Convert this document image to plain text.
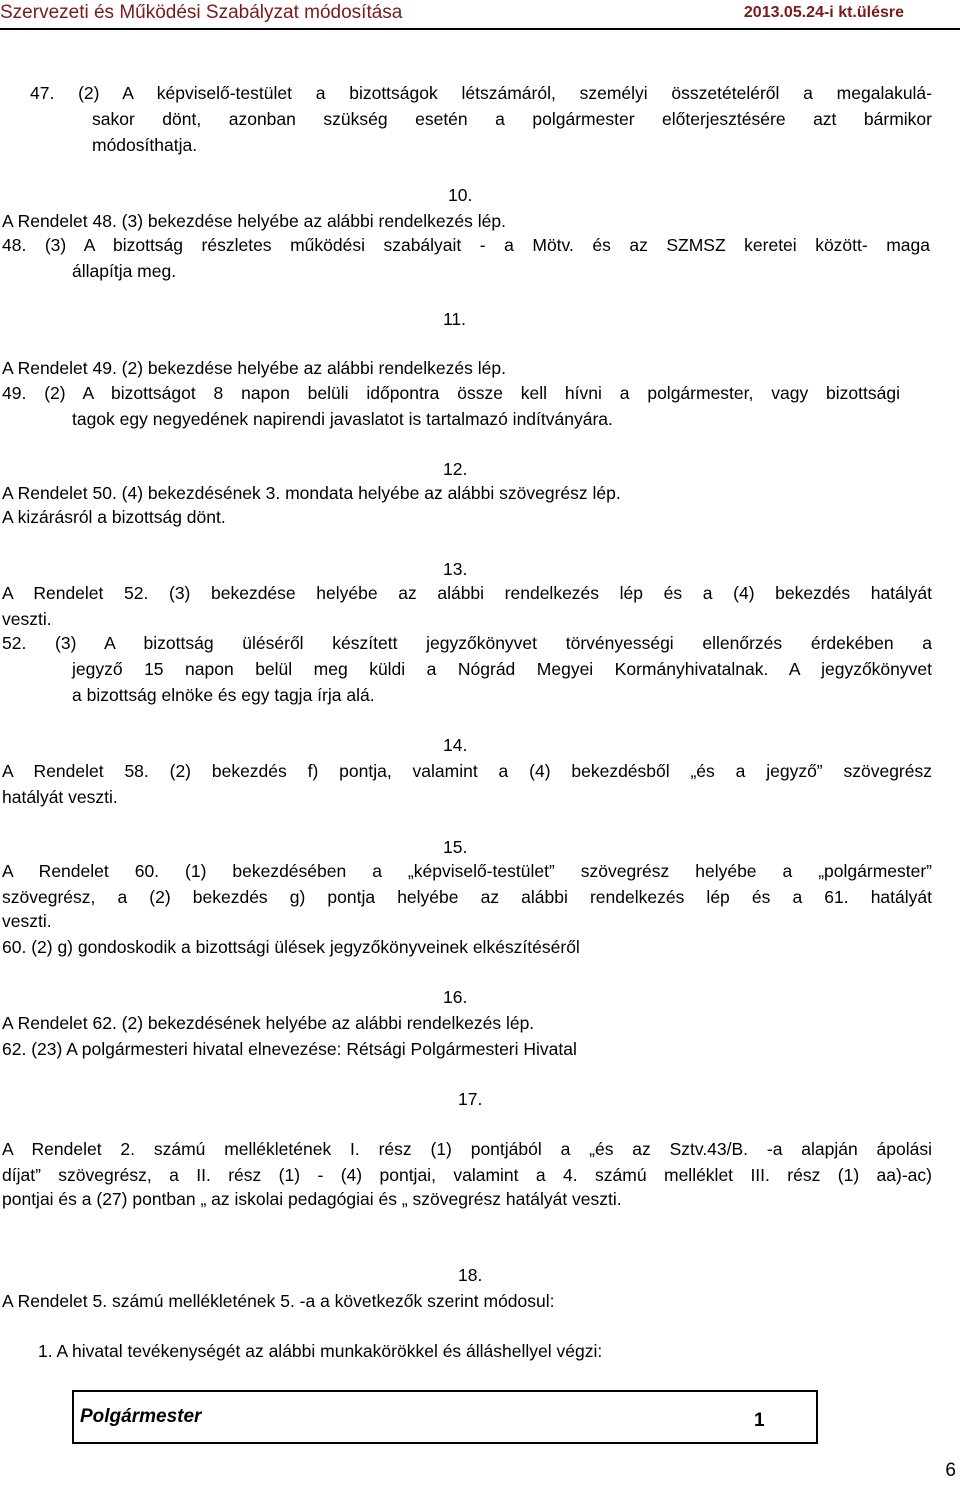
Szervezeti és Működési Szabályzat módosítása	2013.05.24-i kt.ülésre
47. (2) A képviselő-testület a bizottságok létszámáról, személyi összetételéről a megalakulá-
sakor dönt, azonban szükség esetén a polgármester előterjesztésére azt bármikor
módosíthatja.
10.
A Rendelet 48. (3) bekezdése helyébe az alábbi rendelkezés lép.
48. (3) A bizottság részletes működési szabályait - a Mötv. és az SZMSZ keretei között- maga
állapítja meg.
11.
A Rendelet 49. (2) bekezdése helyébe az alábbi rendelkezés lép.
49. (2) A bizottságot 8 napon belüli időpontra össze kell hívni a polgármester, vagy bizottsági
tagok egy negyedének napirendi javaslatot is tartalmazó indítványára.
12.
A Rendelet 50. (4) bekezdésének 3. mondata helyébe az alábbi szövegrész lép.
A kizárásról a bizottság dönt.
13.
A Rendelet 52. (3) bekezdése helyébe az alábbi rendelkezés lép és a (4) bekezdés hatályát
veszti.
52. (3) A bizottság üléséről készített jegyzőkönyvet törvényességi ellenőrzés érdekében a
jegyző 15 napon belül meg küldi a Nógrád Megyei Kormányhivatalnak. A jegyzőkönyvet
a bizottság elnöke és egy tagja írja alá.
14.
A Rendelet 58. (2) bekezdés f) pontja, valamint a (4) bekezdésből „és a jegyző” szövegrész
hatályát veszti.
15.
A Rendelet 60. (1) bekezdésében a „képviselő-testület” szövegrész helyébe a „polgármester”
szövegrész, a (2) bekezdés g) pontja helyébe az alábbi rendelkezés lép és a 61. hatályát
veszti.
60. (2) g) gondoskodik a bizottsági ülések jegyzőkönyveinek elkészítéséről
16.
A Rendelet 62. (2) bekezdésének helyébe az alábbi rendelkezés lép.
62. (23) A polgármesteri hivatal elnevezése: Rétsági Polgármesteri Hivatal
17.
A Rendelet 2. számú mellékletének I. rész (1) pontjából a „és az Sztv.43/B. -a alapján ápolási
díjat” szövegrész, a II. rész (1) - (4) pontjai, valamint a 4. számú melléklet III. rész (1) aa)-ac)
pontjai és a (27) pontban „ az iskolai pedagógiai és „ szövegrész hatályát veszti.
18.
A Rendelet 5. számú mellékletének 5. -a a következők szerint módosul:
1. A hivatal tevékenységét az alábbi munkakörökkel és álláshellyel végzi:
Polgármester	1
6
